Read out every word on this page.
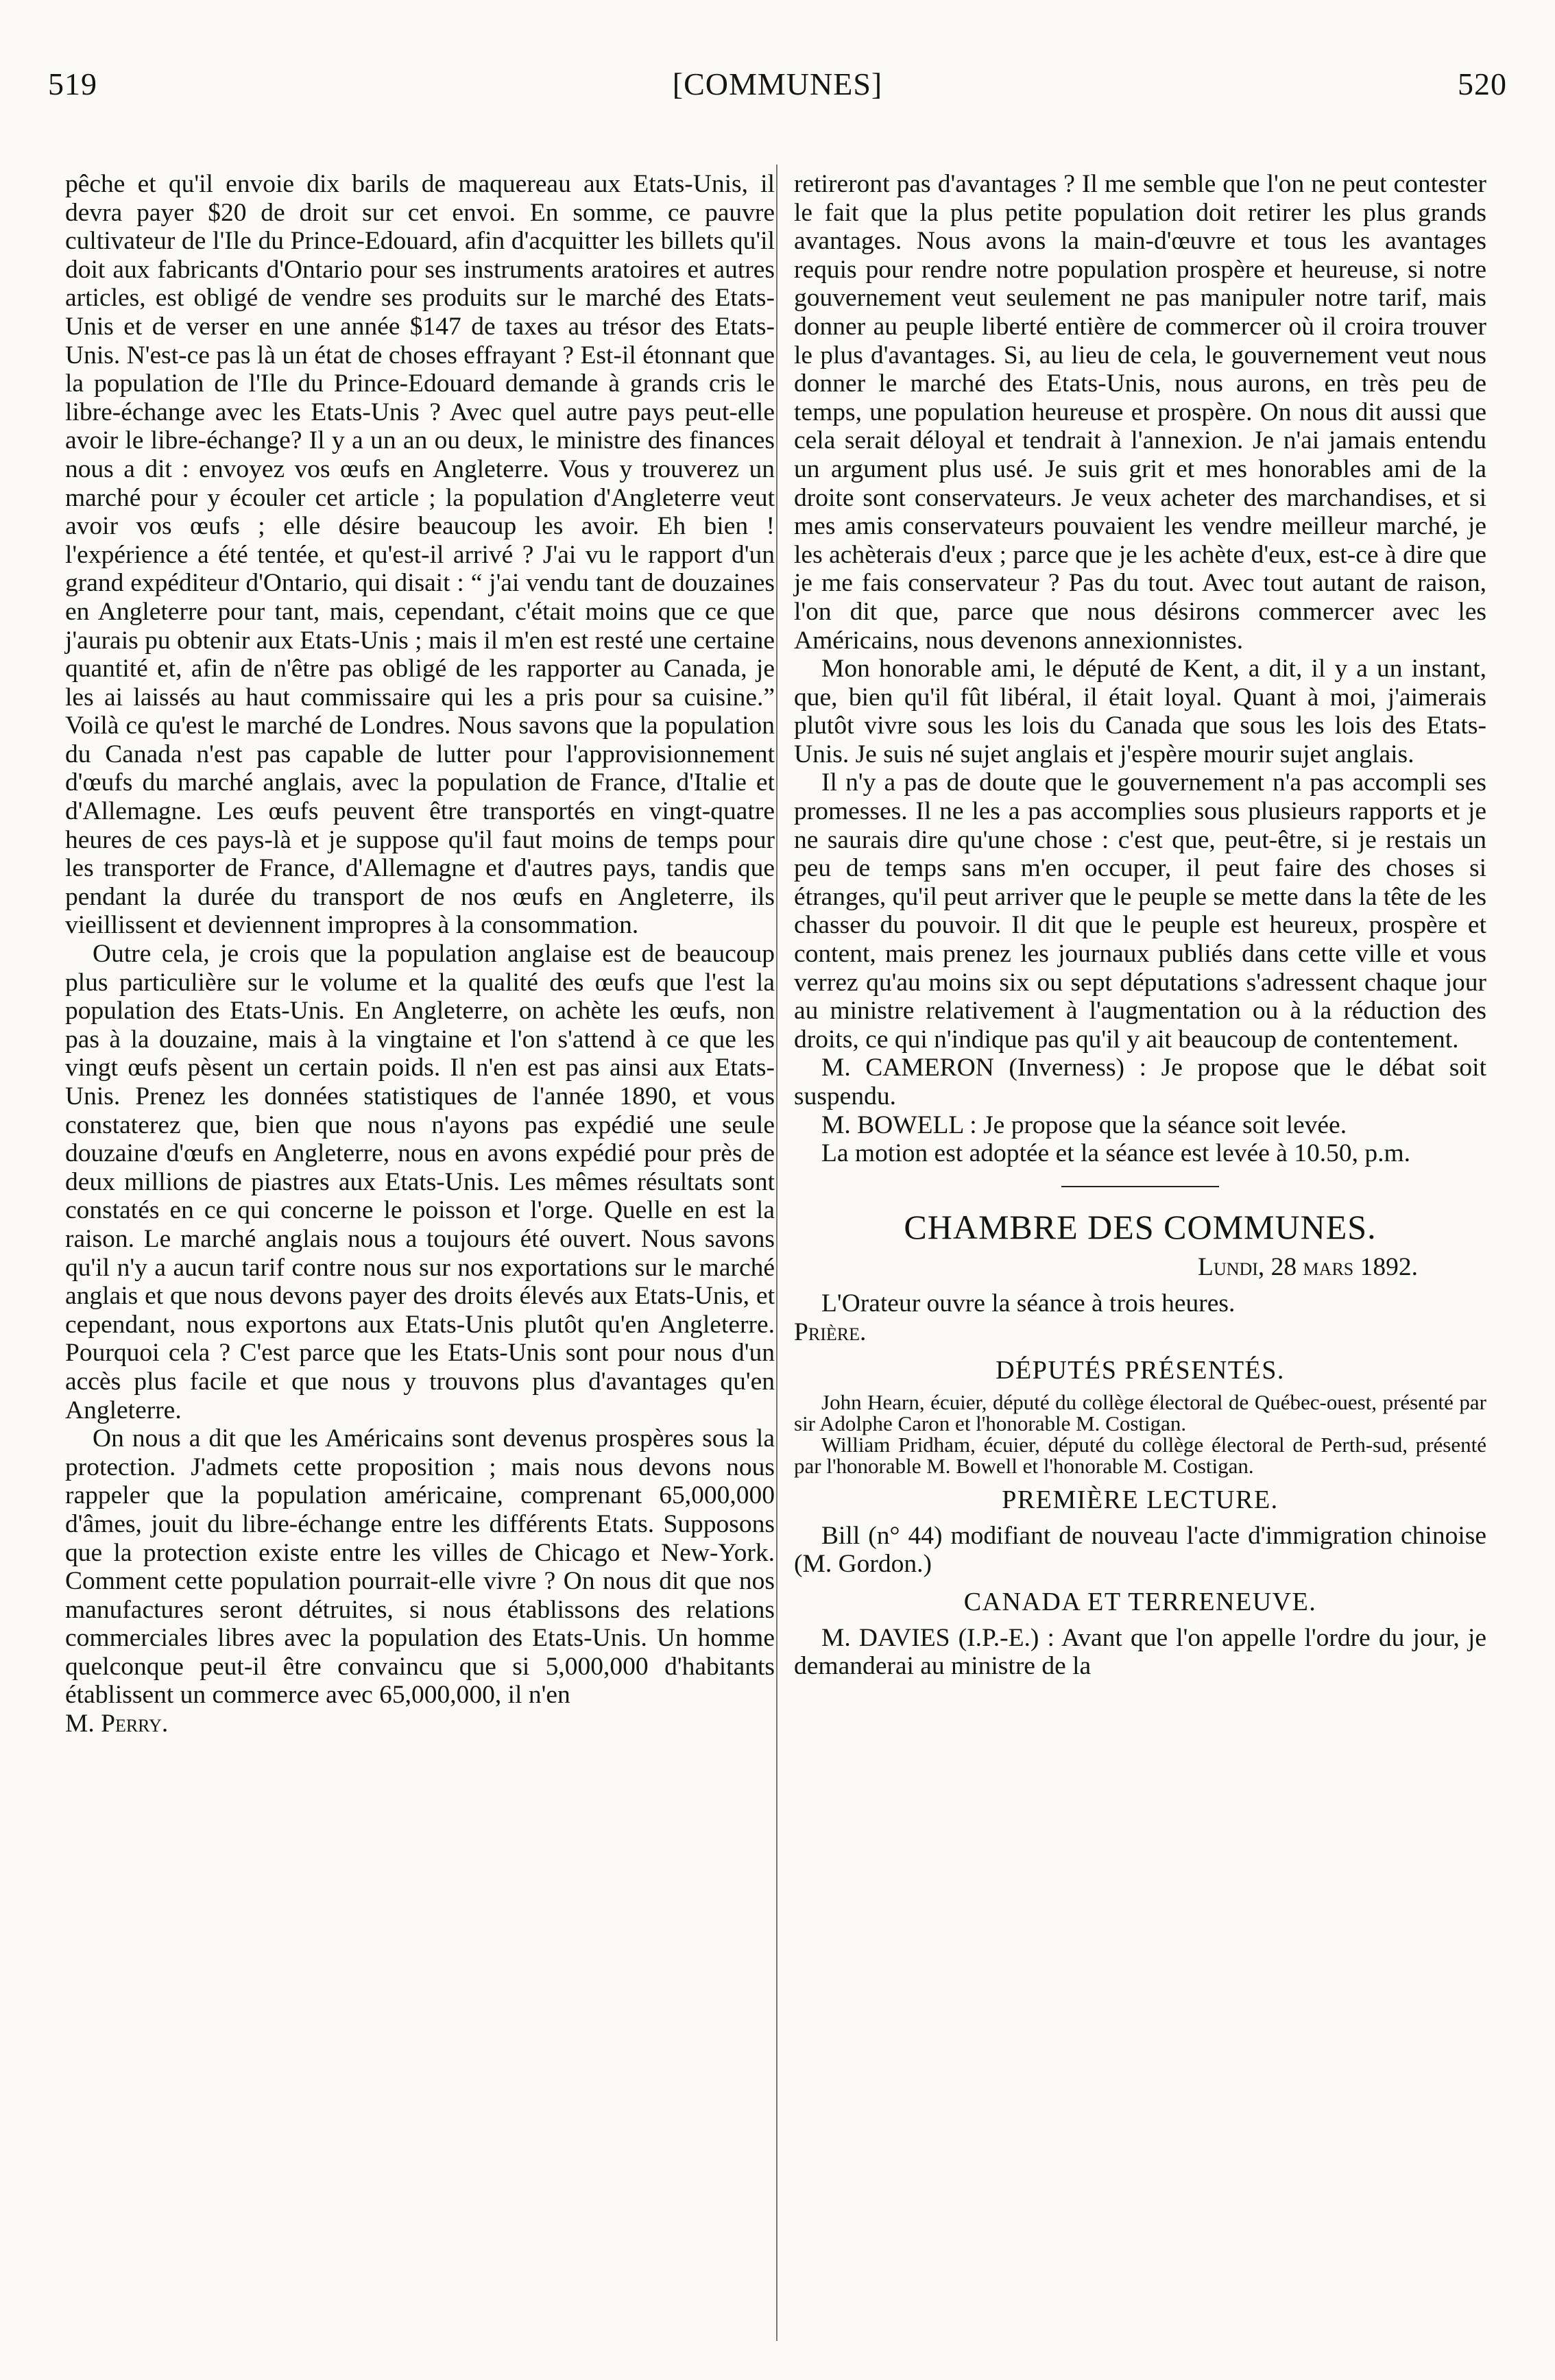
519	[COMMUNES]	520

pêche et qu'il envoie dix barils de maquereau aux Etats-Unis, il devra payer $20 de droit sur cet envoi. En somme, ce pauvre cultivateur de l'Ile du Prince-Edouard, afin d'acquitter les billets qu'il doit aux fabricants d'Ontario pour ses instruments aratoires et autres articles, est obligé de vendre ses produits sur le marché des Etats-Unis et de verser en une année $147 de taxes au trésor des Etats-Unis. N'est-ce pas là un état de choses effrayant ? Est-il étonnant que la population de l'Ile du Prince-Edouard demande à grands cris le libre-échange avec les Etats-Unis ? Avec quel autre pays peut-elle avoir le libre-échange? Il y a un an ou deux, le ministre des finances nous a dit : envoyez vos œufs en Angleterre. Vous y trouverez un marché pour y écouler cet article ; la population d'Angleterre veut avoir vos œufs ; elle désire beaucoup les avoir. Eh bien ! l'expérience a été tentée, et qu'est-il arrivé ? J'ai vu le rapport d'un grand expéditeur d'Ontario, qui disait : “ j'ai vendu tant de douzaines en Angleterre pour tant, mais, cependant, c'était moins que ce que j'aurais pu obtenir aux Etats-Unis ; mais il m'en est resté une certaine quantité et, afin de n'être pas obligé de les rapporter au Canada, je les ai laissés au haut commissaire qui les a pris pour sa cuisine.” Voilà ce qu'est le marché de Londres. Nous savons que la population du Canada n'est pas capable de lutter pour l'approvisionnement d'œufs du marché anglais, avec la population de France, d'Italie et d'Allemagne. Les œufs peuvent être transportés en vingt-quatre heures de ces pays-là et je suppose qu'il faut moins de temps pour les transporter de France, d'Allemagne et d'autres pays, tandis que pendant la durée du transport de nos œufs en Angleterre, ils vieillissent et deviennent impropres à la consommation.

Outre cela, je crois que la population anglaise est de beaucoup plus particulière sur le volume et la qualité des œufs que l'est la population des Etats-Unis. En Angleterre, on achète les œufs, non pas à la douzaine, mais à la vingtaine et l'on s'attend à ce que les vingt œufs pèsent un certain poids. Il n'en est pas ainsi aux Etats-Unis. Prenez les données statistiques de l'année 1890, et vous constaterez que, bien que nous n'ayons pas expédié une seule douzaine d'œufs en Angleterre, nous en avons expédié pour près de deux millions de piastres aux Etats-Unis. Les mêmes résultats sont constatés en ce qui concerne le poisson et l'orge. Quelle en est la raison. Le marché anglais nous a toujours été ouvert. Nous savons qu'il n'y a aucun tarif contre nous sur nos exportations sur le marché anglais et que nous devons payer des droits élevés aux Etats-Unis, et cependant, nous exportons aux Etats-Unis plutôt qu'en Angleterre. Pourquoi cela ? C'est parce que les Etats-Unis sont pour nous d'un accès plus facile et que nous y trouvons plus d'avantages qu'en Angleterre.

On nous a dit que les Américains sont devenus prospères sous la protection. J'admets cette proposition ; mais nous devons nous rappeler que la population américaine, comprenant 65,000,000 d'âmes, jouit du libre-échange entre les différents Etats. Supposons que la protection existe entre les villes de Chicago et New-York. Comment cette population pourrait-elle vivre ? On nous dit que nos manufactures seront détruites, si nous établissons des relations commerciales libres avec la population des Etats-Unis. Un homme quelconque peut-il être convaincu que si 5,000,000 d'habitants établissent un commerce avec 65,000,000, il n'en

M. Perry.

retireront pas d'avantages ? Il me semble que l'on ne peut contester le fait que la plus petite population doit retirer les plus grands avantages. Nous avons la main-d'œuvre et tous les avantages requis pour rendre notre population prospère et heureuse, si notre gouvernement veut seulement ne pas manipuler notre tarif, mais donner au peuple liberté entière de commercer où il croira trouver le plus d'avantages. Si, au lieu de cela, le gouvernement veut nous donner le marché des Etats-Unis, nous aurons, en très peu de temps, une population heureuse et prospère. On nous dit aussi que cela serait déloyal et tendrait à l'annexion. Je n'ai jamais entendu un argument plus usé. Je suis grit et mes honorables ami de la droite sont conservateurs. Je veux acheter des marchandises, et si mes amis conservateurs pouvaient les vendre meilleur marché, je les achèterais d'eux ; parce que je les achète d'eux, est-ce à dire que je me fais conservateur ? Pas du tout. Avec tout autant de raison, l'on dit que, parce que nous désirons commercer avec les Américains, nous devenons annexionnistes.

Mon honorable ami, le député de Kent, a dit, il y a un instant, que, bien qu'il fût libéral, il était loyal. Quant à moi, j'aimerais plutôt vivre sous les lois du Canada que sous les lois des Etats-Unis. Je suis né sujet anglais et j'espère mourir sujet anglais.

Il n'y a pas de doute que le gouvernement n'a pas accompli ses promesses. Il ne les a pas accomplies sous plusieurs rapports et je ne saurais dire qu'une chose : c'est que, peut-être, si je restais un peu de temps sans m'en occuper, il peut faire des choses si étranges, qu'il peut arriver que le peuple se mette dans la tête de les chasser du pouvoir. Il dit que le peuple est heureux, prospère et content, mais prenez les journaux publiés dans cette ville et vous verrez qu'au moins six ou sept députations s'adressent chaque jour au ministre relativement à l'augmentation ou à la réduction des droits, ce qui n'indique pas qu'il y ait beaucoup de contentement.

M. CAMERON (Inverness) : Je propose que le débat soit suspendu.

M. BOWELL : Je propose que la séance soit levée.

La motion est adoptée et la séance est levée à 10.50, p.m.

CHAMBRE DES COMMUNES.
Lundi, 28 mars 1892.

L'Orateur ouvre la séance à trois heures.

Prière.

DÉPUTÉS PRÉSENTÉS.

John Hearn, écuier, député du collège électoral de Québec-ouest, présenté par sir Adolphe Caron et l'honorable M. Costigan.

William Pridham, écuier, député du collège électoral de Perth-sud, présenté par l'honorable M. Bowell et l'honorable M. Costigan.

PREMIÈRE LECTURE.

Bill (n° 44) modifiant de nouveau l'acte d'immigration chinoise (M. Gordon.)

CANADA ET TERRENEUVE.

M. DAVIES (I.P.-E.) : Avant que l'on appelle l'ordre du jour, je demanderai au ministre de la
